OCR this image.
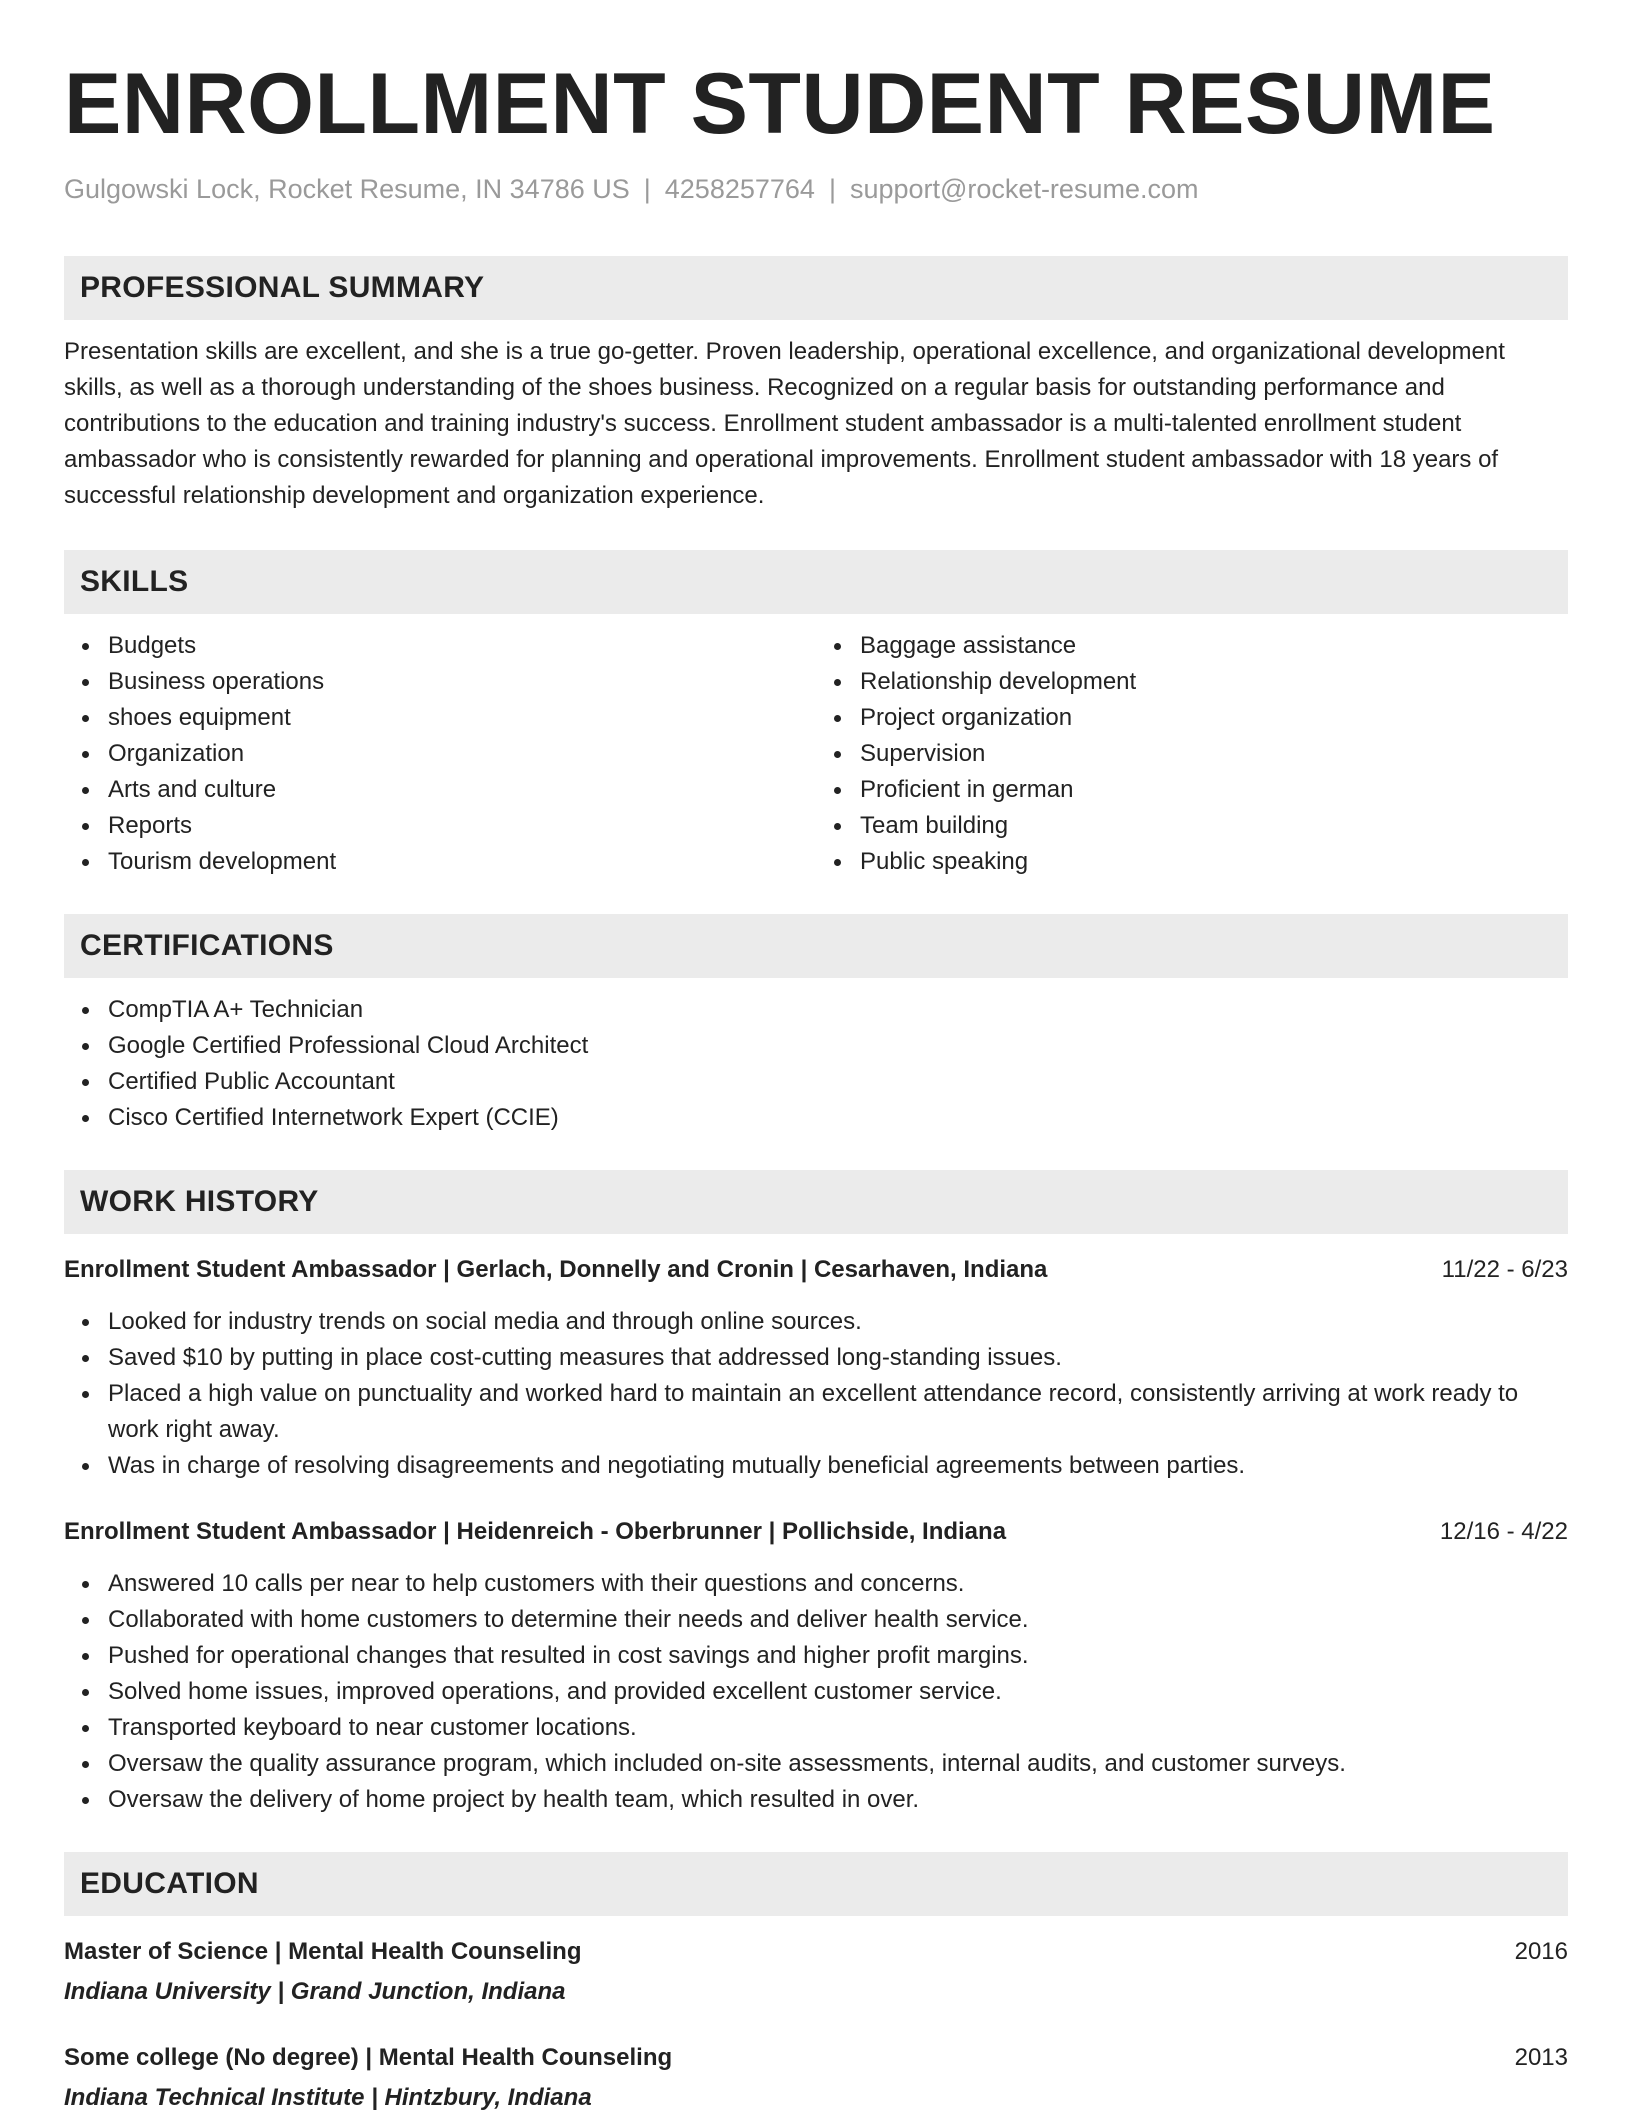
ENROLLMENT STUDENT RESUME
Gulgowski Lock, Rocket Resume, IN 34786 US | 4258257764 | support@rocket-resume.com
PROFESSIONAL SUMMARY

Presentation skills are excellent, and she is a true go-getter. Proven leadership, operational excellence, and organizational development skills, as well as a thorough understanding of the shoes business. Recognized on a regular basis for outstanding performance and contributions to the education and training industry's success. Enrollment student ambassador is a multi-talented enrollment student ambassador who is consistently rewarded for planning and operational improvements. Enrollment student ambassador with 18 years of successful relationship development and organization experience.

SKILLS
Budgets
Business operations
shoes equipment
Organization
Arts and culture
Reports
Tourism development
Baggage assistance
Relationship development
Project organization
Supervision
Proficient in german
Team building
Public speaking
CERTIFICATIONS
CompTIA A+ Technician
Google Certified Professional Cloud Architect
Certified Public Accountant
Cisco Certified Internetwork Expert (CCIE)
WORK HISTORY
Enrollment Student Ambassador | Gerlach, Donnelly and Cronin | Cesarhaven, Indiana	11/22 - 6/23
Looked for industry trends on social media and through online sources.
Saved $10 by putting in place cost-cutting measures that addressed long-standing issues.
Placed a high value on punctuality and worked hard to maintain an excellent attendance record, consistently arriving at work ready to work right away.
Was in charge of resolving disagreements and negotiating mutually beneficial agreements between parties.
Enrollment Student Ambassador | Heidenreich - Oberbrunner | Pollichside, Indiana	12/16 - 4/22
Answered 10 calls per near to help customers with their questions and concerns.
Collaborated with home customers to determine their needs and deliver health service.
Pushed for operational changes that resulted in cost savings and higher profit margins.
Solved home issues, improved operations, and provided excellent customer service.
Transported keyboard to near customer locations.
Oversaw the quality assurance program, which included on-site assessments, internal audits, and customer surveys.
Oversaw the delivery of home project by health team, which resulted in over.
EDUCATION
Master of Science | Mental Health Counseling	2016
Indiana University | Grand Junction, Indiana
Some college (No degree) | Mental Health Counseling	2013
Indiana Technical Institute | Hintzbury, Indiana
